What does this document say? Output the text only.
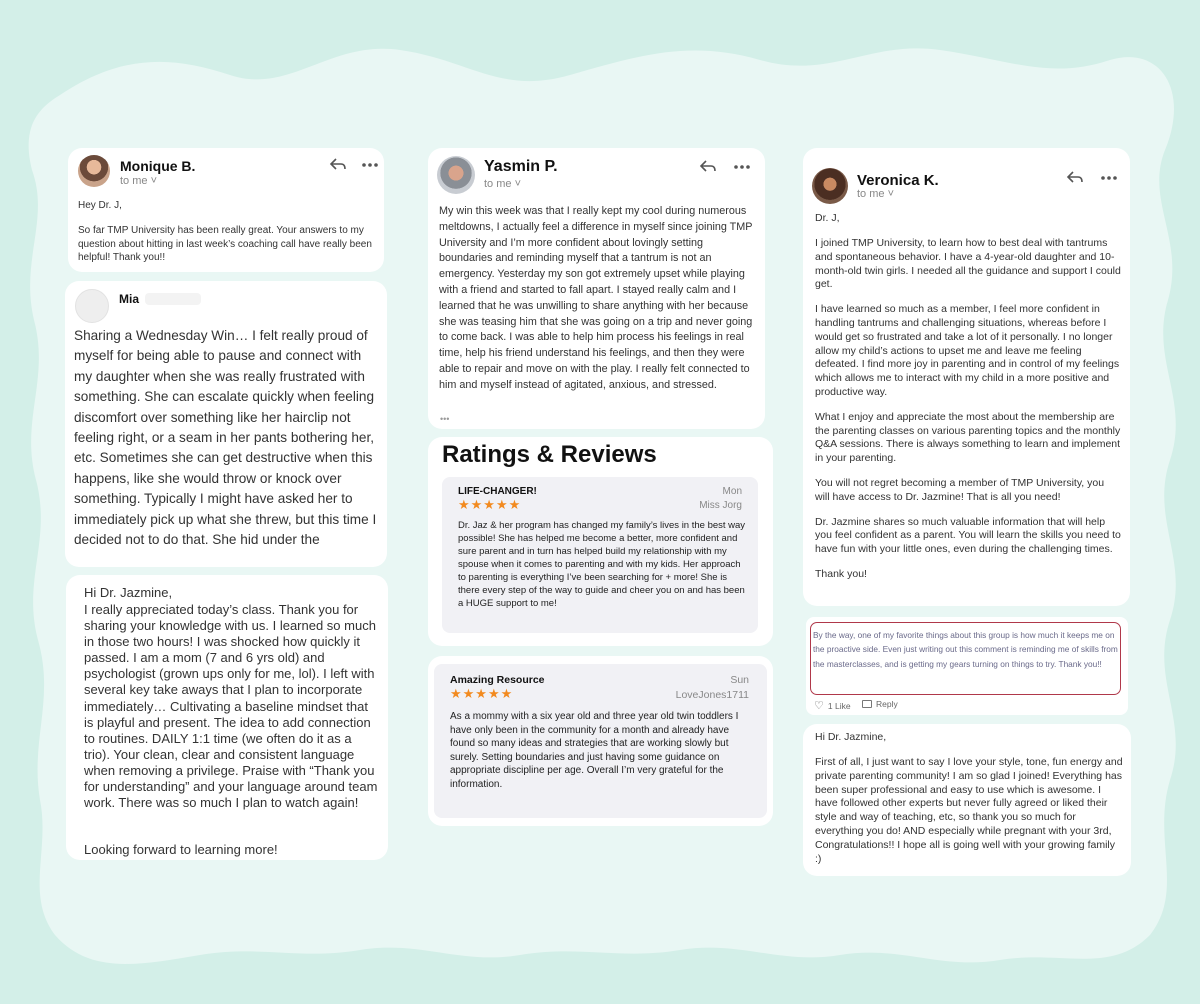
Monique B.
to me ˅
Hey Dr. J,
So far TMP University has been really great. Your answers to my question about hitting in last week’s coaching call have really been helpful! Thank you!!
Mia
Sharing a Wednesday Win… I felt really proud of myself for being able to pause and connect with my daughter when she was really frustrated with something. She can escalate quickly when feeling discomfort over something like her hairclip not feeling right, or a seam in her pants bothering her, etc. Sometimes she can get destructive when this happens, like she would throw or knock over something. Typically I might have asked her to immediately pick up what she threw, but this time I decided not to do that. She hid under the
Hi Dr. Jazmine,
I really appreciated today’s class. Thank you for sharing your knowledge with us. I learned so much in those two hours! I was shocked how quickly it passed. I am a mom (7 and 6 yrs old) and psychologist (grown ups only for me, lol). I left with several key take aways that I plan to incorporate immediately… Cultivating a baseline mindset that is playful and present. The idea to add connection to routines. DAILY 1:1 time (we often do it as a trio). Your clean, clear and consistent language when removing a privilege. Praise with “Thank you for understanding” and your language around team work. There was so much I plan to watch again!
Looking forward to learning more!
Yasmin P.
to me ˅
My win this week was that I really kept my cool during numerous meltdowns, I actually feel a difference in myself since joining TMP University and I’m more confident about lovingly setting boundaries and reminding myself that a tantrum is not an emergency. Yesterday my son got extremely upset while playing with a friend and started to fall apart. I stayed really calm and I learned that he was unwilling to share anything with her because she was teasing him that she was going on a trip and never going to come back. I was able to help him process his feelings in real time, help his friend understand his feelings, and then they were able to repair and move on with the play. I really felt connected to him and myself instead of agitated, anxious, and stressed.
•••
Ratings & Reviews
LIFE-CHANGER!	Mon
★★★★★	Miss Jorg
Dr. Jaz & her program has changed my family’s lives in the best way possible! She has helped me become a better, more confident and sure parent and in turn has helped build my relationship with my spouse when it comes to parenting and with my kids. Her approach to parenting is everything I’ve been searching for + more! She is there every step of the way to guide and cheer you on and has been a HUGE support to me!
Amazing Resource	Sun
★★★★★	LoveJones1711
As a mommy with a six year old and three year old twin toddlers I have only been in the community for a month and already have found so many ideas and strategies that are working slowly but surely. Setting boundaries and just having some guidance on appropriate discipline per age. Overall I’m very grateful for the information.
Veronica K.
to me ˅
Dr. J,

I joined TMP University, to learn how to best deal with tantrums and spontaneous behavior. I have a 4-year-old daughter and 10-month-old twin girls. I needed all the guidance and support I could get.

I have learned so much as a member, I feel more confident in handling tantrums and challenging situations, whereas before I would get so frustrated and take a lot of it personally. I no longer allow my child’s actions to upset me and leave me feeling defeated. I find more joy in parenting and in control of my feelings which allows me to interact with my child in a more positive and productive way.

What I enjoy and appreciate the most about the membership are the parenting classes on various parenting topics and the monthly Q&A sessions. There is always something to learn and implement in your parenting.

You will not regret becoming a member of TMP University, you will have access to Dr. Jazmine! That is all you need!

Dr. Jazmine shares so much valuable information that will help you feel confident as a parent. You will learn the skills you need to have fun with your little ones, even during the challenging times.

Thank you!

By the way, one of my favorite things about this group is how much it keeps me on the proactive side. Even just writing out this comment is reminding me of skills from the masterclasses, and is getting my gears turning on things to try. Thank you!!
♡ 1 Like	Reply
Hi Dr. Jazmine,
First of all, I just want to say I love your style, tone, fun energy and private parenting community! I am so glad I joined! Everything has been super professional and easy to use which is awesome. I have followed other experts but never fully agreed or liked their style and way of teaching, etc, so thank you so much for everything you do! AND especially while pregnant with your 3rd, Congratulations!! I hope all is going well with your growing family :)
